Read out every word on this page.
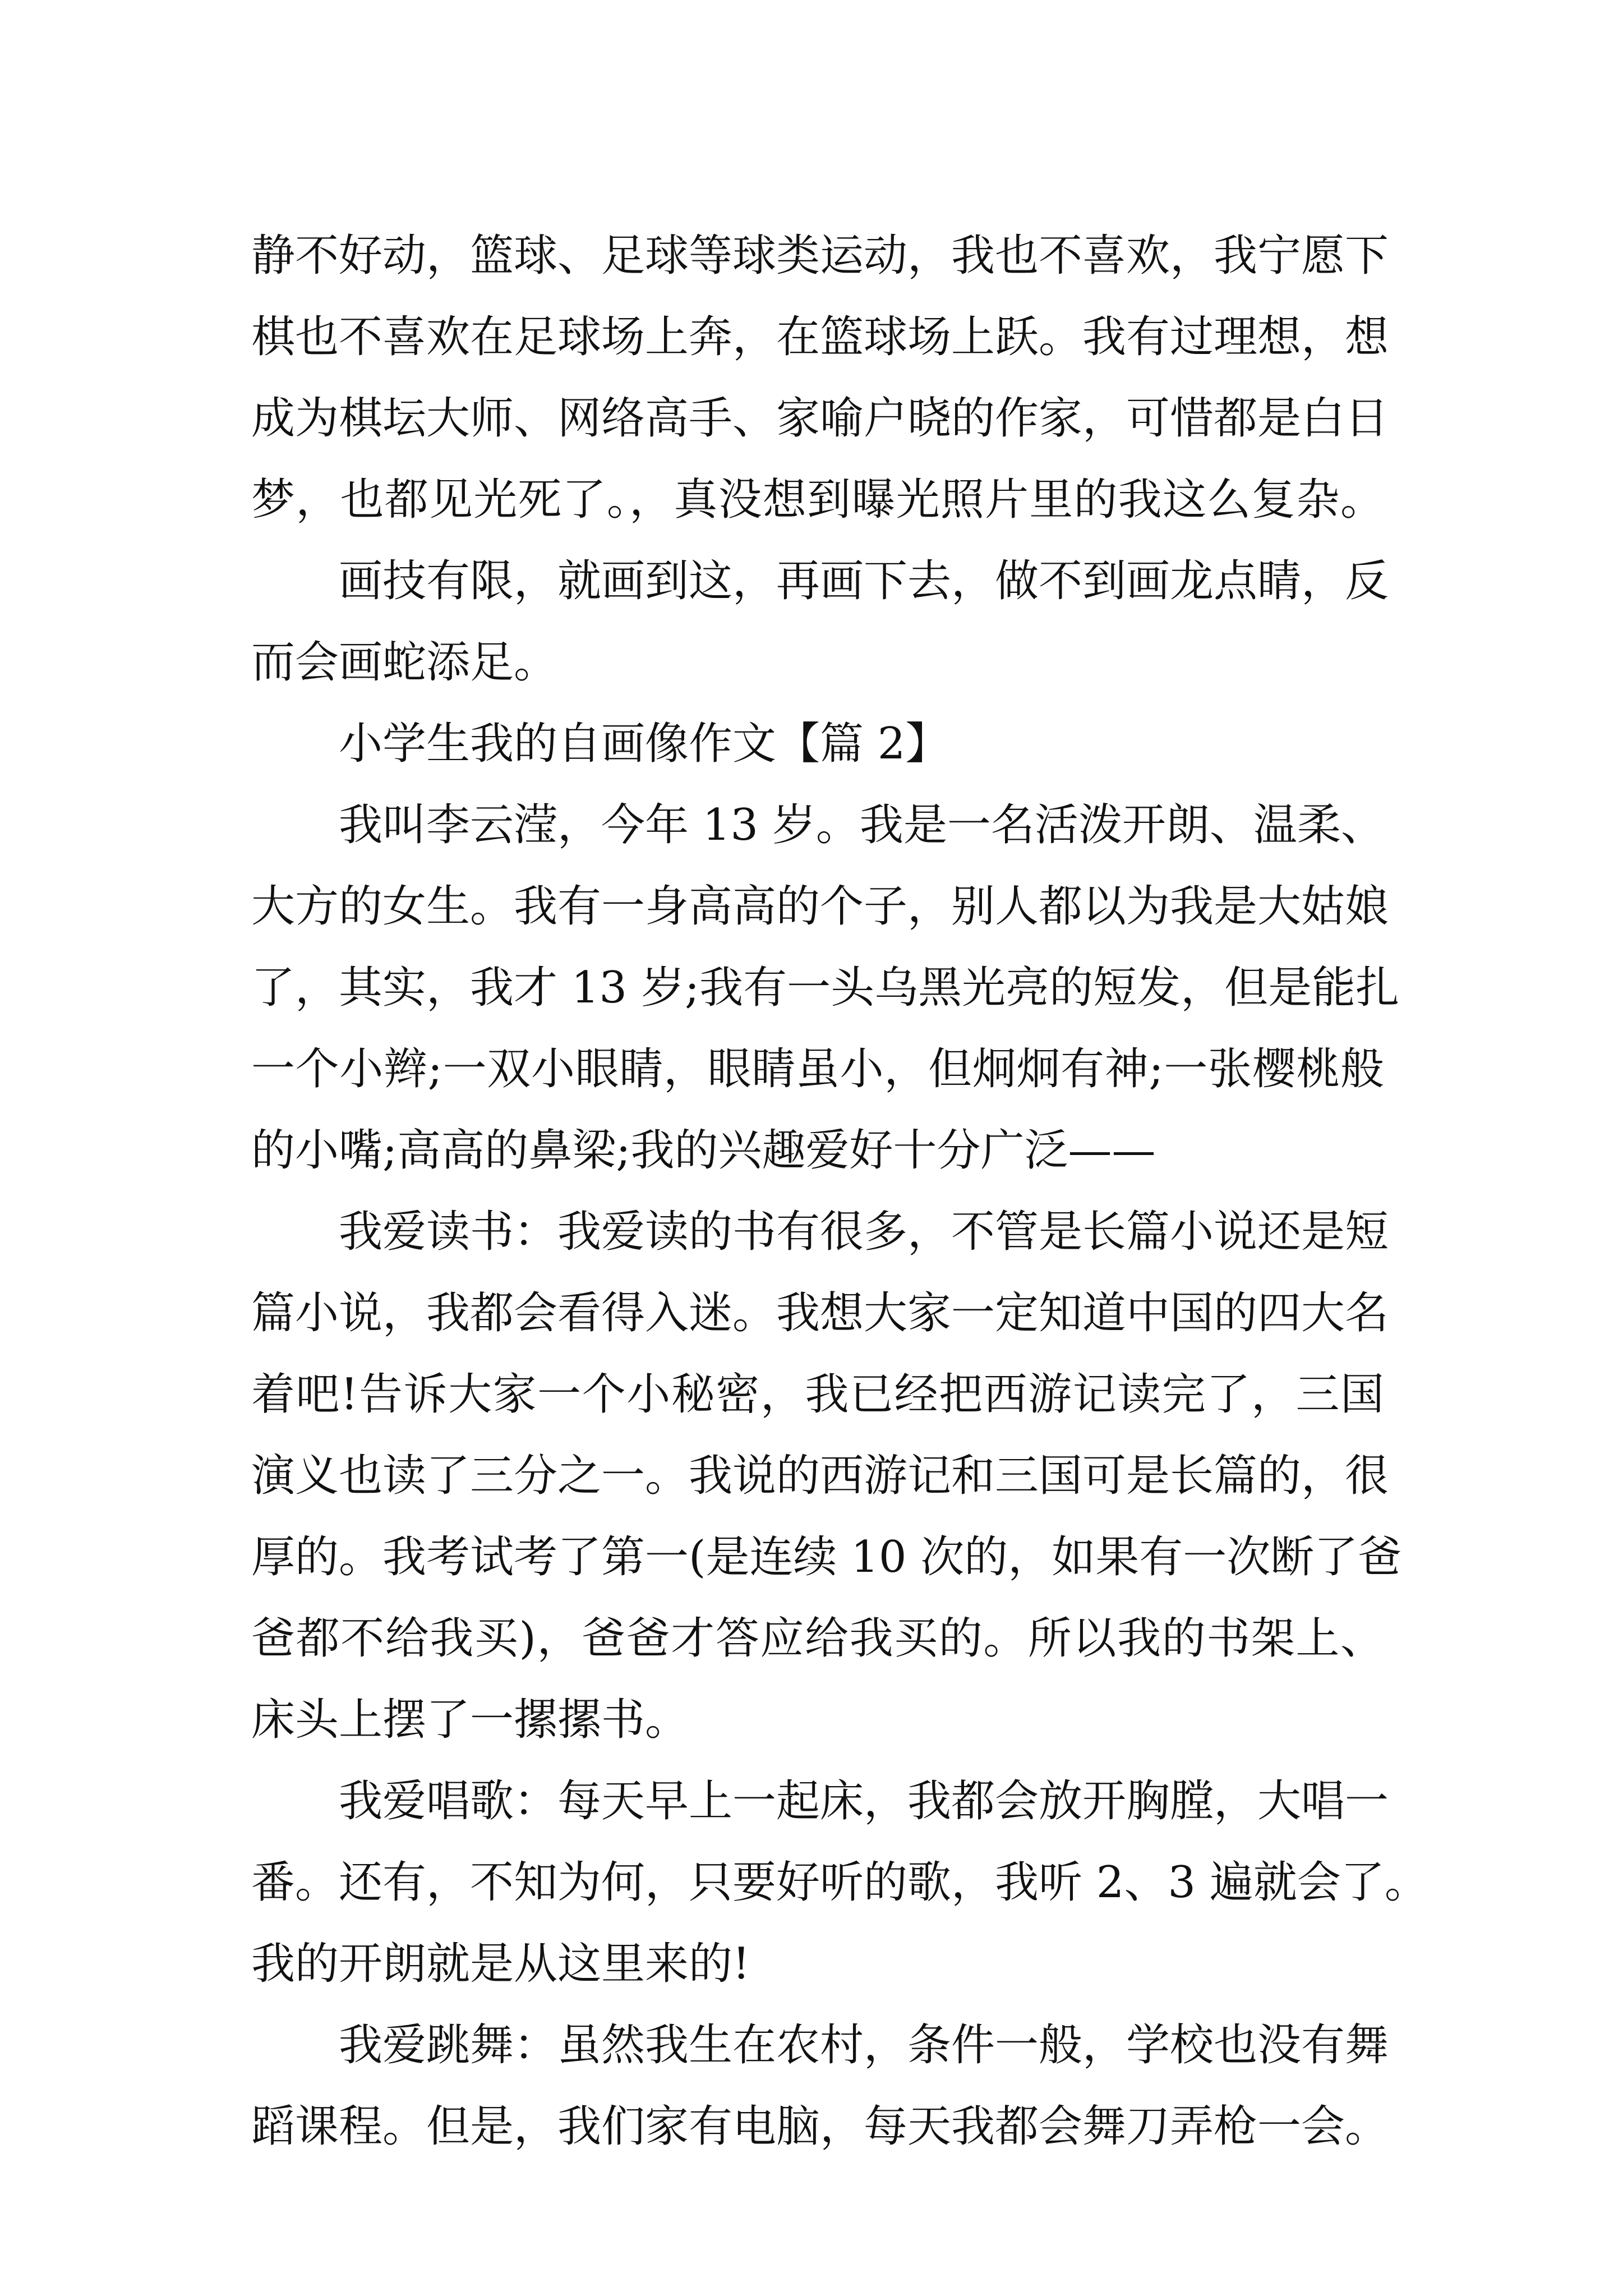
静不好动，篮球、足球等球类运动，我也不喜欢，我宁愿下
棋也不喜欢在足球场上奔，在篮球场上跃。我有过理想，想
成为棋坛大师、网络高手、家喻户晓的作家，可惜都是白日
梦，也都见光死了。，真没想到曝光照片里的我这么复杂。

画技有限，就画到这，再画下去，做不到画龙点睛，反
而会画蛇添足。

小学生我的自画像作文【篇 2】

我叫李云滢，今年 13 岁。我是一名活泼开朗、温柔、
大方的女生。我有一身高高的个子，别人都以为我是大姑娘
了，其实，我才 13 岁;我有一头乌黑光亮的短发，但是能扎
一个小辫;一双小眼睛，眼睛虽小，但炯炯有神;一张樱桃般
的小嘴;高高的鼻梁;我的兴趣爱好十分广泛——

我爱读书：我爱读的书有很多，不管是长篇小说还是短
篇小说，我都会看得入迷。我想大家一定知道中国的四大名
着吧!告诉大家一个小秘密，我已经把西游记读完了，三国
演义也读了三分之一。我说的西游记和三国可是长篇的，很
厚的。我考试考了第一(是连续 10 次的，如果有一次断了爸
爸都不给我买)，爸爸才答应给我买的。所以我的书架上、
床头上摆了一摞摞书。

我爱唱歌：每天早上一起床，我都会放开胸膛，大唱一
番。还有，不知为何，只要好听的歌，我听 2、3 遍就会了。
我的开朗就是从这里来的!

我爱跳舞：虽然我生在农村，条件一般，学校也没有舞
蹈课程。但是，我们家有电脑，每天我都会舞刀弄枪一会。
